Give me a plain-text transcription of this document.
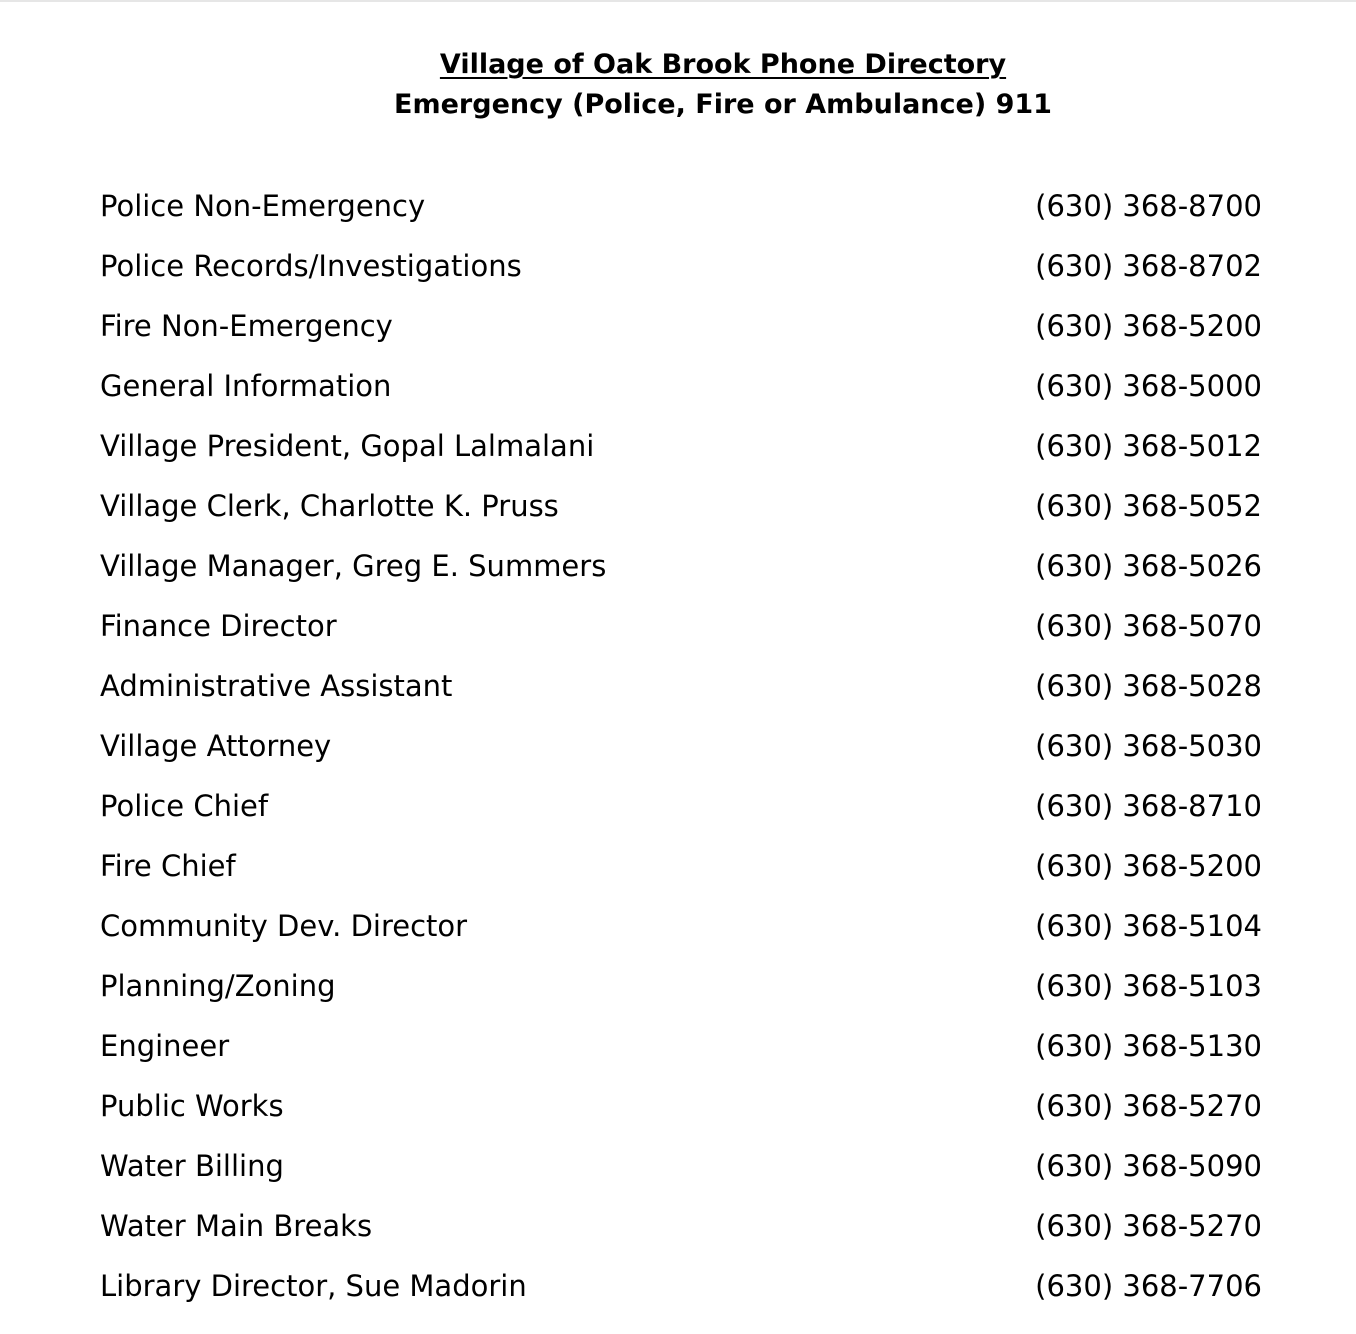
Village of Oak Brook Phone Directory
Emergency (Police, Fire or Ambulance) 911
Police Non-Emergency	(630) 368-8700
Police Records/Investigations	(630) 368-8702
Fire Non-Emergency	(630) 368-5200
General Information	(630) 368-5000
Village President, Gopal Lalmalani	(630) 368-5012
Village Clerk, Charlotte K. Pruss	(630) 368-5052
Village Manager, Greg E. Summers	(630) 368-5026
Finance Director	(630) 368-5070
Administrative Assistant	(630) 368-5028
Village Attorney	(630) 368-5030
Police Chief	(630) 368-8710
Fire Chief	(630) 368-5200
Community Dev. Director	(630) 368-5104
Planning/Zoning	(630) 368-5103
Engineer	(630) 368-5130
Public Works	(630) 368-5270
Water Billing	(630) 368-5090
Water Main Breaks	(630) 368-5270
Library Director, Sue Madorin	(630) 368-7706
